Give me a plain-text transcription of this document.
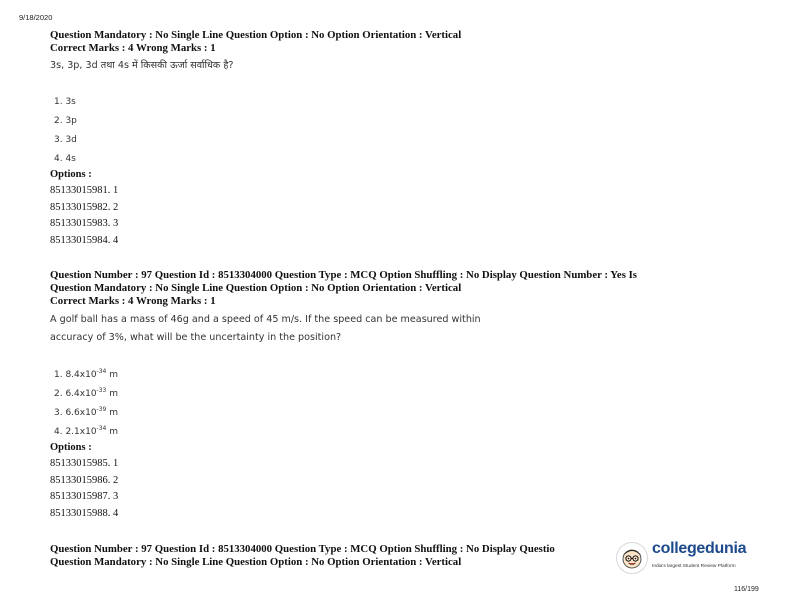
9/18/2020
Question Mandatory : No Single Line Question Option : No Option Orientation : Vertical
Correct Marks : 4 Wrong Marks : 1
3s, 3p, 3d तथा 4s में किसकी ऊर्जा सर्वाधिक है?
1. 3s
2. 3p
3. 3d
4. 4s
Options :
85133015981. 1
85133015982. 2
85133015983. 3
85133015984. 4
Question Number : 97 Question Id : 8513304000 Question Type : MCQ Option Shuffling : No Display Question Number : Yes Is
Question Mandatory : No Single Line Question Option : No Option Orientation : Vertical
Correct Marks : 4 Wrong Marks : 1
A golf ball has a mass of 46g and a speed of 45 m/s. If the speed can be measured within
accuracy of 3%, what will be the uncertainty in the position?
1. $8.4x10^{-34}$ m
2. $6.4x10^{-33}$ m
3. $6.6x10^{-39}$ m
4. $2.1x10^{-34}$ m
Options :
85133015985. 1
85133015986. 2
85133015987. 3
85133015988. 4
Question Number : 97 Question Id : 8513304000 Question Type : MCQ Option Shuffling : No Display Questio
Question Mandatory : No Single Line Question Option : No Option Orientation : Vertical
collegedunia
India's largest Student Review Platform
116/199
